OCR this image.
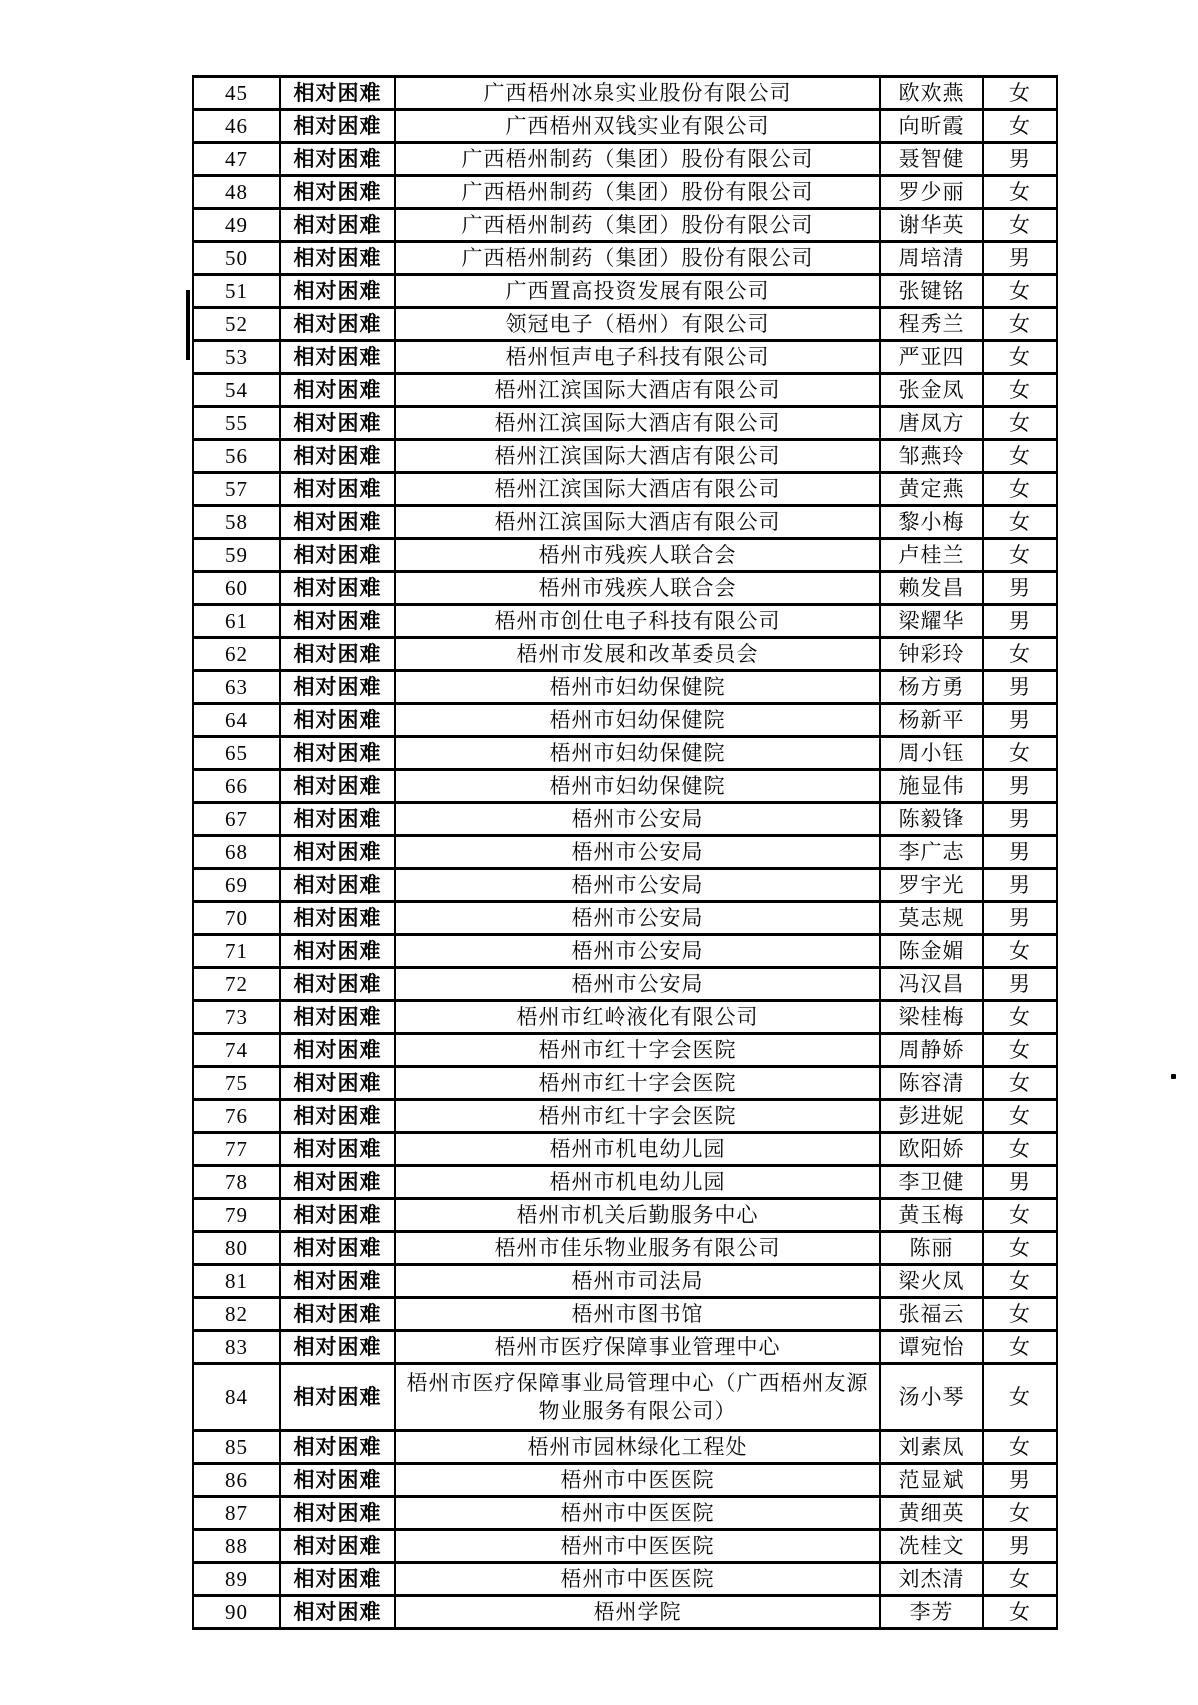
45	相对困难	广西梧州冰泉实业股份有限公司	欧欢燕	女
46	相对困难	广西梧州双钱实业有限公司	向昕霞	女
47	相对困难	广西梧州制药（集团）股份有限公司	聂智健	男
48	相对困难	广西梧州制药（集团）股份有限公司	罗少丽	女
49	相对困难	广西梧州制药（集团）股份有限公司	谢华英	女
50	相对困难	广西梧州制药（集团）股份有限公司	周培清	男
51	相对困难	广西置高投资发展有限公司	张键铭	女
52	相对困难	领冠电子（梧州）有限公司	程秀兰	女
53	相对困难	梧州恒声电子科技有限公司	严亚四	女
54	相对困难	梧州江滨国际大酒店有限公司	张金凤	女
55	相对困难	梧州江滨国际大酒店有限公司	唐凤方	女
56	相对困难	梧州江滨国际大酒店有限公司	邹燕玲	女
57	相对困难	梧州江滨国际大酒店有限公司	黄定燕	女
58	相对困难	梧州江滨国际大酒店有限公司	黎小梅	女
59	相对困难	梧州市残疾人联合会	卢桂兰	女
60	相对困难	梧州市残疾人联合会	赖发昌	男
61	相对困难	梧州市创仕电子科技有限公司	梁耀华	男
62	相对困难	梧州市发展和改革委员会	钟彩玲	女
63	相对困难	梧州市妇幼保健院	杨方勇	男
64	相对困难	梧州市妇幼保健院	杨新平	男
65	相对困难	梧州市妇幼保健院	周小钰	女
66	相对困难	梧州市妇幼保健院	施显伟	男
67	相对困难	梧州市公安局	陈毅锋	男
68	相对困难	梧州市公安局	李广志	男
69	相对困难	梧州市公安局	罗宇光	男
70	相对困难	梧州市公安局	莫志规	男
71	相对困难	梧州市公安局	陈金媚	女
72	相对困难	梧州市公安局	冯汉昌	男
73	相对困难	梧州市红岭液化有限公司	梁桂梅	女
74	相对困难	梧州市红十字会医院	周静娇	女
75	相对困难	梧州市红十字会医院	陈容清	女
76	相对困难	梧州市红十字会医院	彭进妮	女
77	相对困难	梧州市机电幼儿园	欧阳娇	女
78	相对困难	梧州市机电幼儿园	李卫健	男
79	相对困难	梧州市机关后勤服务中心	黄玉梅	女
80	相对困难	梧州市佳乐物业服务有限公司	陈丽	女
81	相对困难	梧州市司法局	梁火凤	女
82	相对困难	梧州市图书馆	张福云	女
83	相对困难	梧州市医疗保障事业管理中心	谭宛怡	女
84	相对困难	梧州市医疗保障事业局管理中心（广西梧州友源物业服务有限公司）	汤小琴	女
85	相对困难	梧州市园林绿化工程处	刘素凤	女
86	相对困难	梧州市中医医院	范显斌	男
87	相对困难	梧州市中医医院	黄细英	女
88	相对困难	梧州市中医医院	冼桂文	男
89	相对困难	梧州市中医医院	刘杰清	女
90	相对困难	梧州学院	李芳	女
